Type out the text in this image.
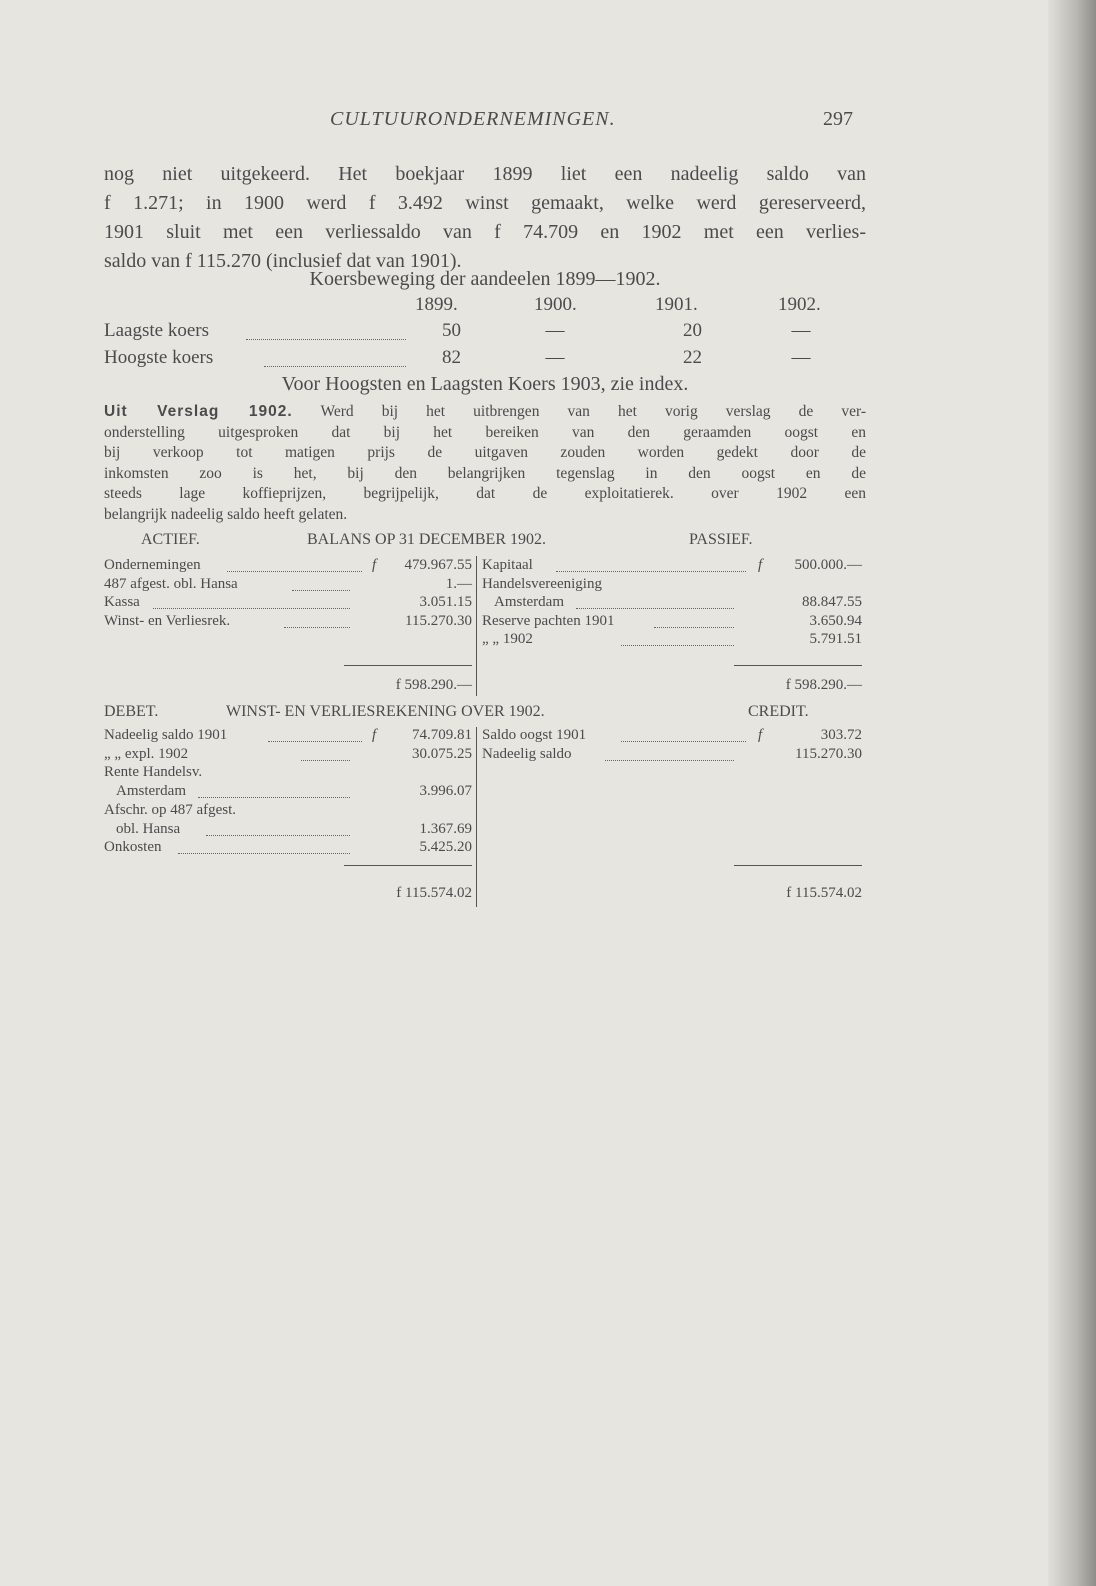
CULTUURONDERNEMINGEN.	297
nog niet uitgekeerd. Het boekjaar 1899 liet een nadeelig saldo van
f 1.271; in 1900 werd f 3.492 winst gemaakt, welke werd gereserveerd,
1901 sluit met een verliessaldo van f 74.709 en 1902 met een verlies-
saldo van f 115.270 (inclusief dat van 1901).
Koersbeweging der aandeelen 1899—1902.
1899.	1900.	1901.	1902.
Laagste koers	50	—	20	—
Hoogste koers	82	—	22	—
Voor Hoogsten en Laagsten Koers 1903, zie index.
Uit Verslag 1902. Werd bij het uitbrengen van het vorig verslag de ver-
onderstelling uitgesproken dat bij het bereiken van den geraamden oogst en
bij verkoop tot matigen prijs de uitgaven zouden worden gedekt door de
inkomsten zoo is het, bij den belangrijken tegenslag in den oogst en de
steeds lage koffieprijzen, begrijpelijk, dat de exploitatierek. over 1902 een
belangrijk nadeelig saldo heeft gelaten.
ACTIEF.	BALANS OP 31 DECEMBER 1902.	PASSIEF.
Ondernemingen	f 479.967.55
487 afgest. obl. Hansa	1.—
Kassa	3.051.15
Winst- en Verliesrek.	115.270.30
f 598.290.—
Kapitaal	f 500.000.—
Handelsvereeniging
Amsterdam	88.847.55
Reserve pachten 1901	3.650.94
„ „ 1902	5.791.51
f 598.290.—
DEBET.	WINST- EN VERLIESREKENING OVER 1902.	CREDIT.
Nadeelig saldo 1901	f 74.709.81
„ „ expl. 1902	30.075.25
Rente Handelsv.
Amsterdam	3.996.07
Afschr. op 487 afgest.
obl. Hansa	1.367.69
Onkosten	5.425.20
f 115.574.02
Saldo oogst 1901	f	303.72
Nadeelig saldo	115.270.30
f 115.574.02
